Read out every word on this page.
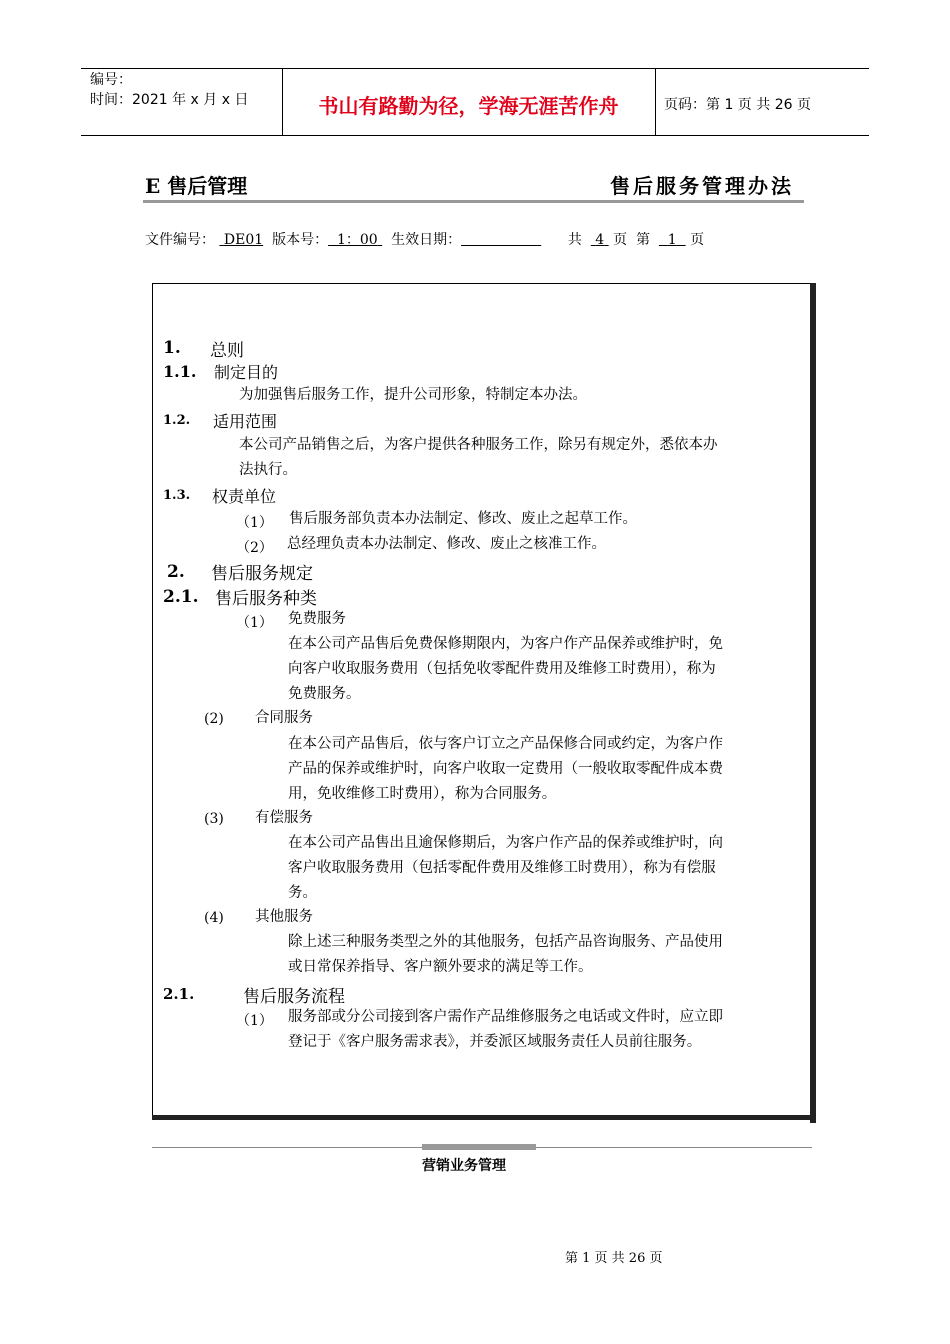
编号：
时间：2021 年 x 月 x 日	书山有路勤为径，学海无涯苦作舟	页码：第 1 页 共 26 页
E 售后管理	售后服务管理办法
文件编号： DE01 版本号： 1：00 生效日期：	共 4 页  第 1 页
1. 总则
1.1. 制定目的
为加强售后服务工作，提升公司形象，特制定本办法。
1.2. 适用范围
本公司产品销售之后，为客户提供各种服务工作，除另有规定外，悉依本办
法执行。
1.3. 权责单位
（1） 售后服务部负责本办法制定、修改、废止之起草工作。
（2） 总经理负责本办法制定、修改、废止之核准工作。
2. 售后服务规定
2.1. 售后服务种类
（1） 免费服务
在本公司产品售后免费保修期限内，为客户作产品保养或维护时，免
向客户收取服务费用（包括免收零配件费用及维修工时费用），称为
免费服务。
(2) 合同服务
在本公司产品售后，依与客户订立之产品保修合同或约定，为客户作
产品的保养或维护时，向客户收取一定费用（一般收取零配件成本费
用，免收维修工时费用），称为合同服务。
(3) 有偿服务
在本公司产品售出且逾保修期后，为客户作产品的保养或维护时，向
客户收取服务费用（包括零配件费用及维修工时费用），称为有偿服
务。
(4) 其他服务
除上述三种服务类型之外的其他服务，包括产品咨询服务、产品使用
或日常保养指导、客户额外要求的满足等工作。
2.1.	售后服务流程
（1） 服务部或分公司接到客户需作产品维修服务之电话或文件时，应立即
登记于《客户服务需求表》，并委派区域服务责任人员前往服务。
营销业务管理
第 1 页 共 26 页
